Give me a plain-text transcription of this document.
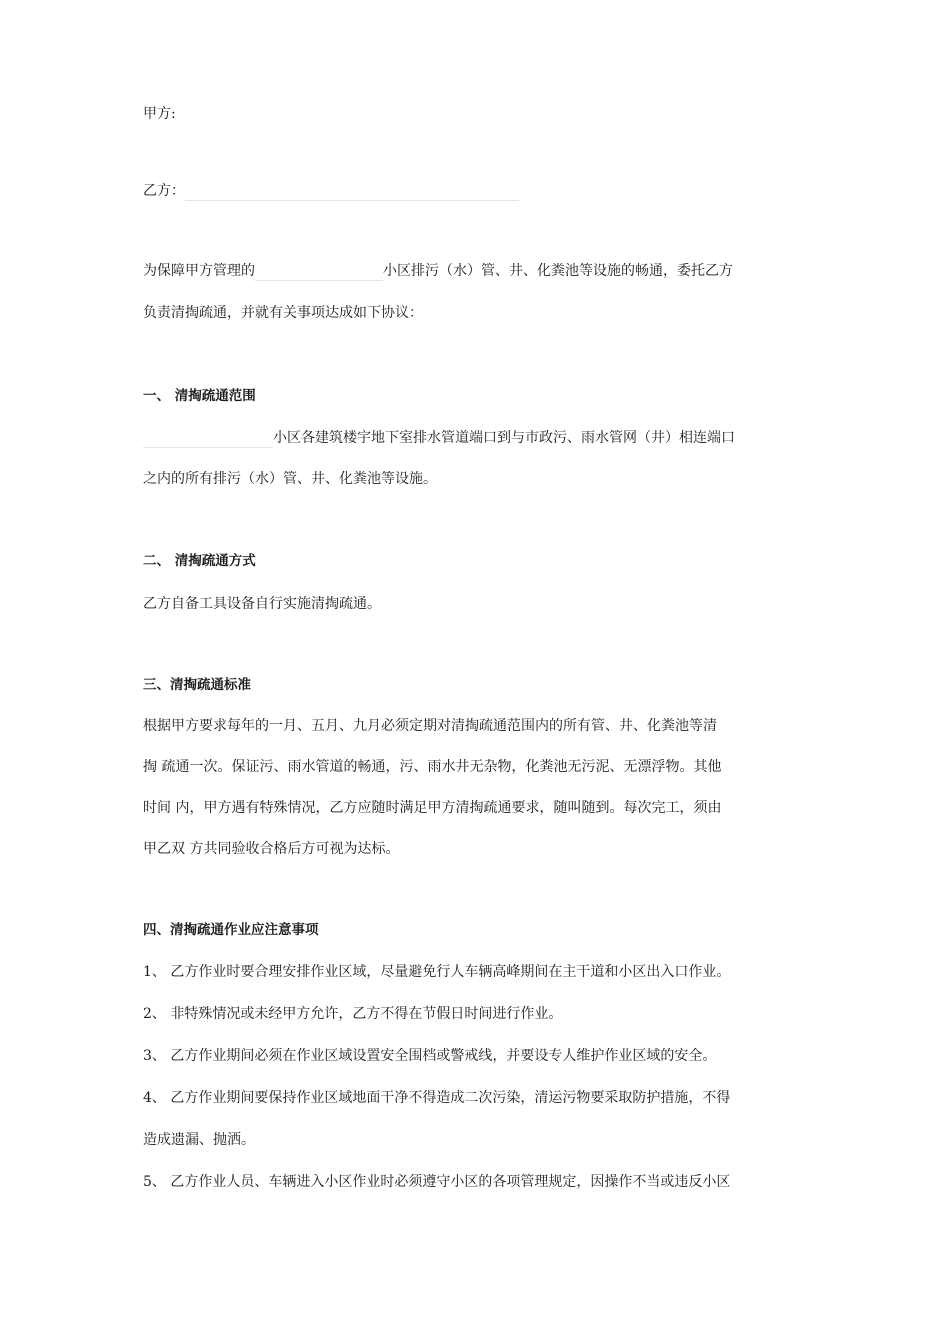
甲方:
乙方：
为保障甲方管理的	小区排污（水）管、井、化粪池等设施的畅通，委托乙方
负责清掏疏通，并就有关事项达成如下协议：
一、 清掏疏通范围
小区各建筑楼宇地下室排水管道端口到与市政污、雨水管网（井）相连端口
之内的所有排污（水）管、井、化粪池等设施。
二、 清掏疏通方式
乙方自备工具设备自行实施清掏疏通。
三、清掏疏通标准
根据甲方要求每年的一月、五月、九月必须定期对清掏疏通范围内的所有管、井、化粪池等清
掏 疏通一次。保证污、雨水管道的畅通，污、雨水井无杂物，化粪池无污泥、无漂浮物。其他
时间 内，甲方遇有特殊情况，乙方应随时满足甲方清掏疏通要求，随叫随到。每次完工，须由
甲乙双 方共同验收合格后方可视为达标。
四、清掏疏通作业应注意事项
1、 乙方作业时要合理安排作业区域，尽量避免行人车辆高峰期间在主干道和小区出入口作业。
2、 非特殊情况或未经甲方允许，乙方不得在节假日时间进行作业。
3、 乙方作业期间必须在作业区域设置安全围档或警戒线，并要设专人维护作业区域的安全。
4、 乙方作业期间要保持作业区域地面干净不得造成二次污染，清运污物要采取防护措施，不得
造成遗漏、抛洒。
5、 乙方作业人员、车辆进入小区作业时必须遵守小区的各项管理规定，因操作不当或违反小区
